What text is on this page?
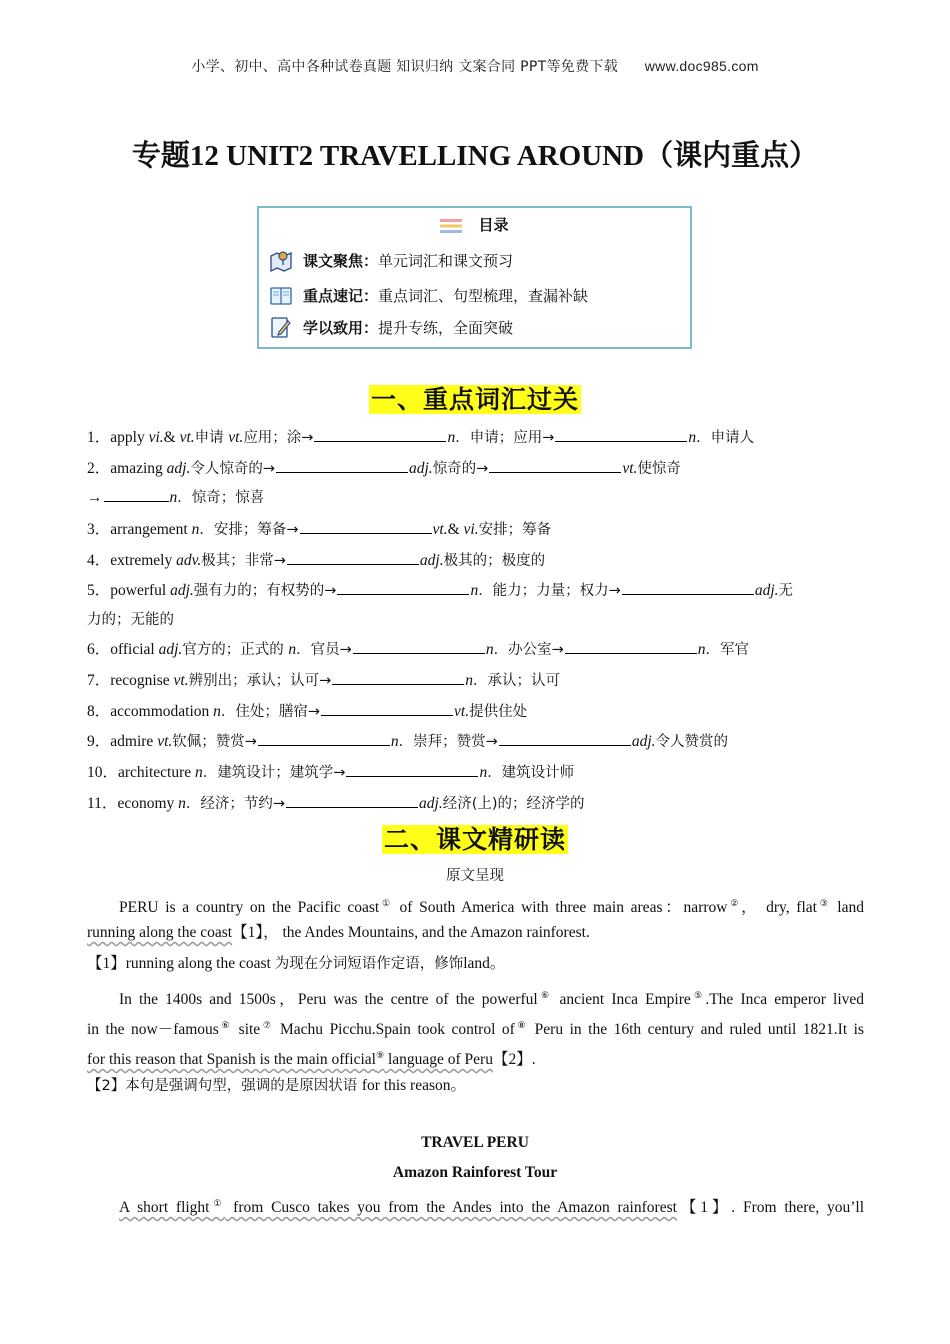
小学、初中、高中各种试卷真题 知识归纳 文案合同 PPT等免费下载 www.doc985.com
专题12 UNIT2 TRAVELLING AROUND（课内重点）
目录
课文聚焦：单元词汇和课文预习
重点速记：重点词汇、句型梳理，查漏补缺
学以致用：提升专练，全面突破
一、重点词汇过关
1．apply vi.& vt.申请 vt.应用；涂→	n．申请；应用→	n．申请人
2．amazing adj.令人惊奇的→	adj.惊奇的→	vt.使惊奇
→	n．惊奇；惊喜
3．arrangement n．安排；筹备→	vt.& vi.安排；筹备
4．extremely adv.极其；非常→	adj.极其的；极度的
5．powerful adj.强有力的；有权势的→	n．能力；力量；权力→	adj.无
力的；无能的
6．official adj.官方的；正式的 n．官员→	n．办公室→	n．军官
7．recognise vt.辨别出；承认；认可→	n．承认；认可
8．accommodation n．住处；膳宿→	vt.提供住处
9．admire vt.钦佩；赞赏→	n．崇拜；赞赏→	adj.令人赞赏的
10．architecture n．建筑设计；建筑学→	n．建筑设计师
11．economy n．经济；节约→	adj.经济(上)的；经济学的
二、课文精研读
原文呈现
PERU is a country on the Pacific coast① of South America with three main areas：narrow②， dry, flat③ land
running along the coast【1】， the Andes Mountains, and the Amazon rainforest.
【1】running along the coast 为现在分词短语作定语，修饰land。
In the 1400s and 1500s，Peru was the centre of the powerful⑥ ancient Inca Empire⑤.The Inca emperor lived
in the now－famous⑥ site⑦ Machu Picchu.Spain took control of⑧ Peru in the 16th century and ruled until 1821.It is
for this reason that Spanish is the main official⑨ language of Peru【2】.
【2】本句是强调句型，强调的是原因状语 for this reason。
TRAVEL PERU
Amazon Rainforest Tour
A short flight① from Cusco takes you from the Andes into the Amazon rainforest【1】. From there, you’ll
